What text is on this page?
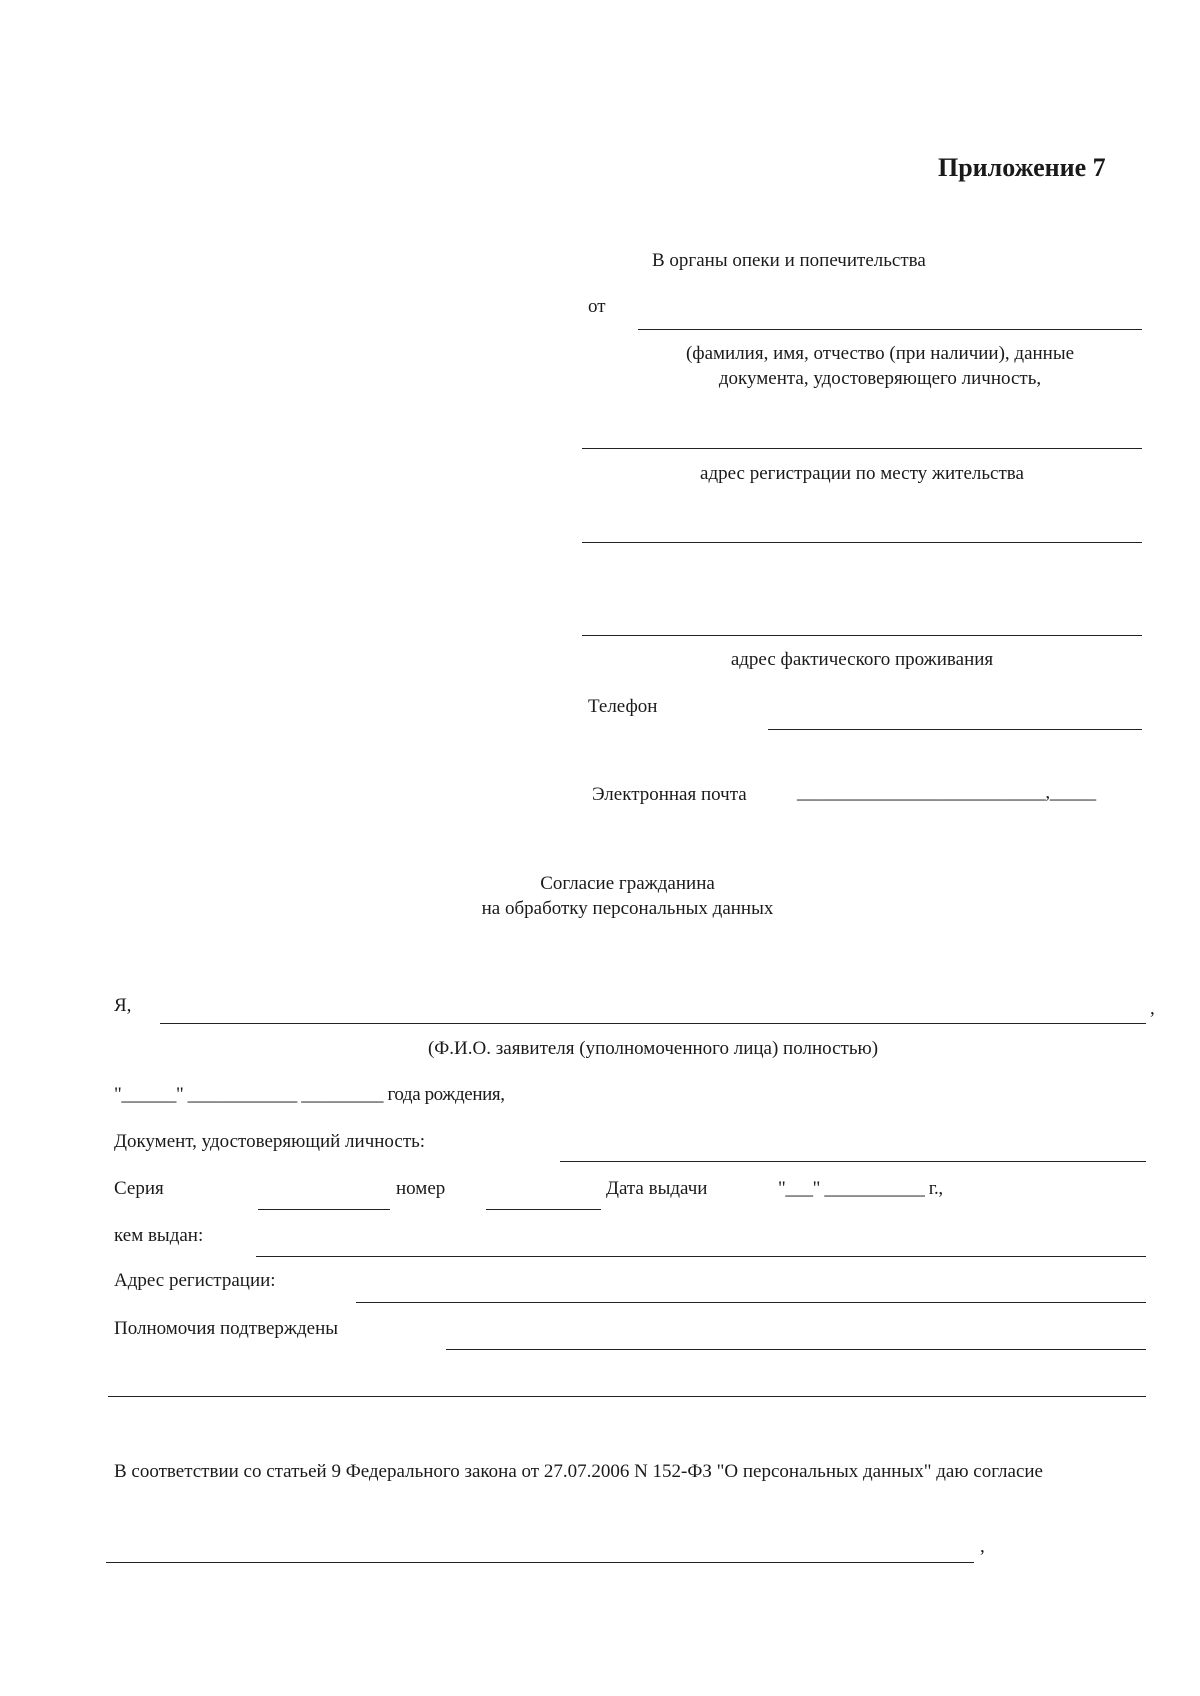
Приложение 7
В органы опеки и попечительства
от
(фамилия, имя, отчество (при наличии), данные
документа, удостоверяющего личность,
адрес регистрации по месту жительства
адрес фактического проживания
Телефон
Электронная почта	___________________________,_____
Согласие гражданина
на обработку персональных данных
Я,	,
(Ф.И.О. заявителя (уполномоченного лица) полностью)
"______" ____________ _________ года рождения,
Документ, удостоверяющий личность:
Серия	номер	Дата выдачи	"___" ___________ г.,
кем выдан:
Адрес регистрации:
Полномочия подтверждены
В соответствии со статьей 9 Федерального закона от 27.07.2006 N 152-ФЗ "О персональных данных" даю согласие
,
